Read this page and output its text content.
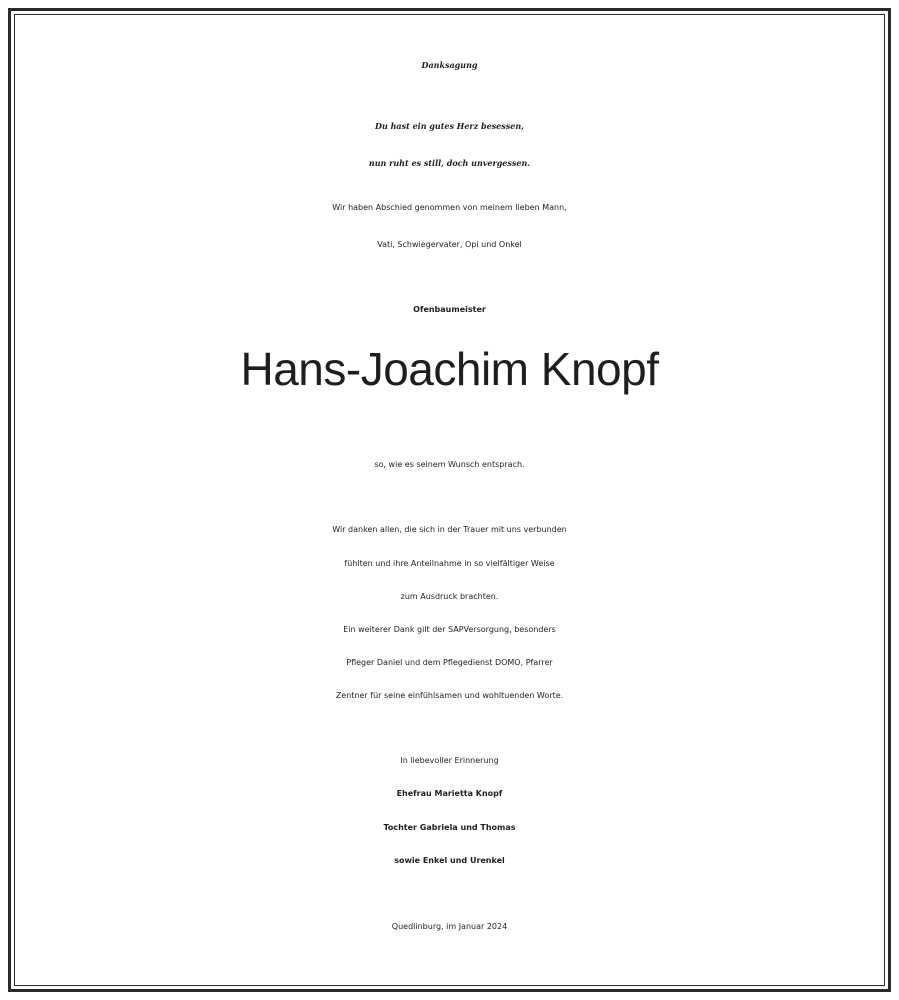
Danksagung
Du hast ein gutes Herz besessen,
nun ruht es still, doch unvergessen.
Wir haben Abschied genommen von meinem lieben Mann,
Vati, Schwiegervater, Opi und Onkel
Ofenbaumeister
Hans-Joachim Knopf
so, wie es seinem Wunsch entsprach.
Wir danken allen, die sich in der Trauer mit uns verbunden
fühlten und ihre Anteilnahme in so vielfältiger Weise
zum Ausdruck brachten.
Ein weiterer Dank gilt der SAPVersorgung, besonders
Pfleger Daniel und dem Pflegedienst DOMO, Pfarrer
Zentner für seine einfühlsamen und wohltuenden Worte.
In liebevoller Erinnerung
Ehefrau Marietta Knopf
Tochter Gabriela und Thomas
sowie Enkel und Urenkel
Quedlinburg, im Januar 2024
